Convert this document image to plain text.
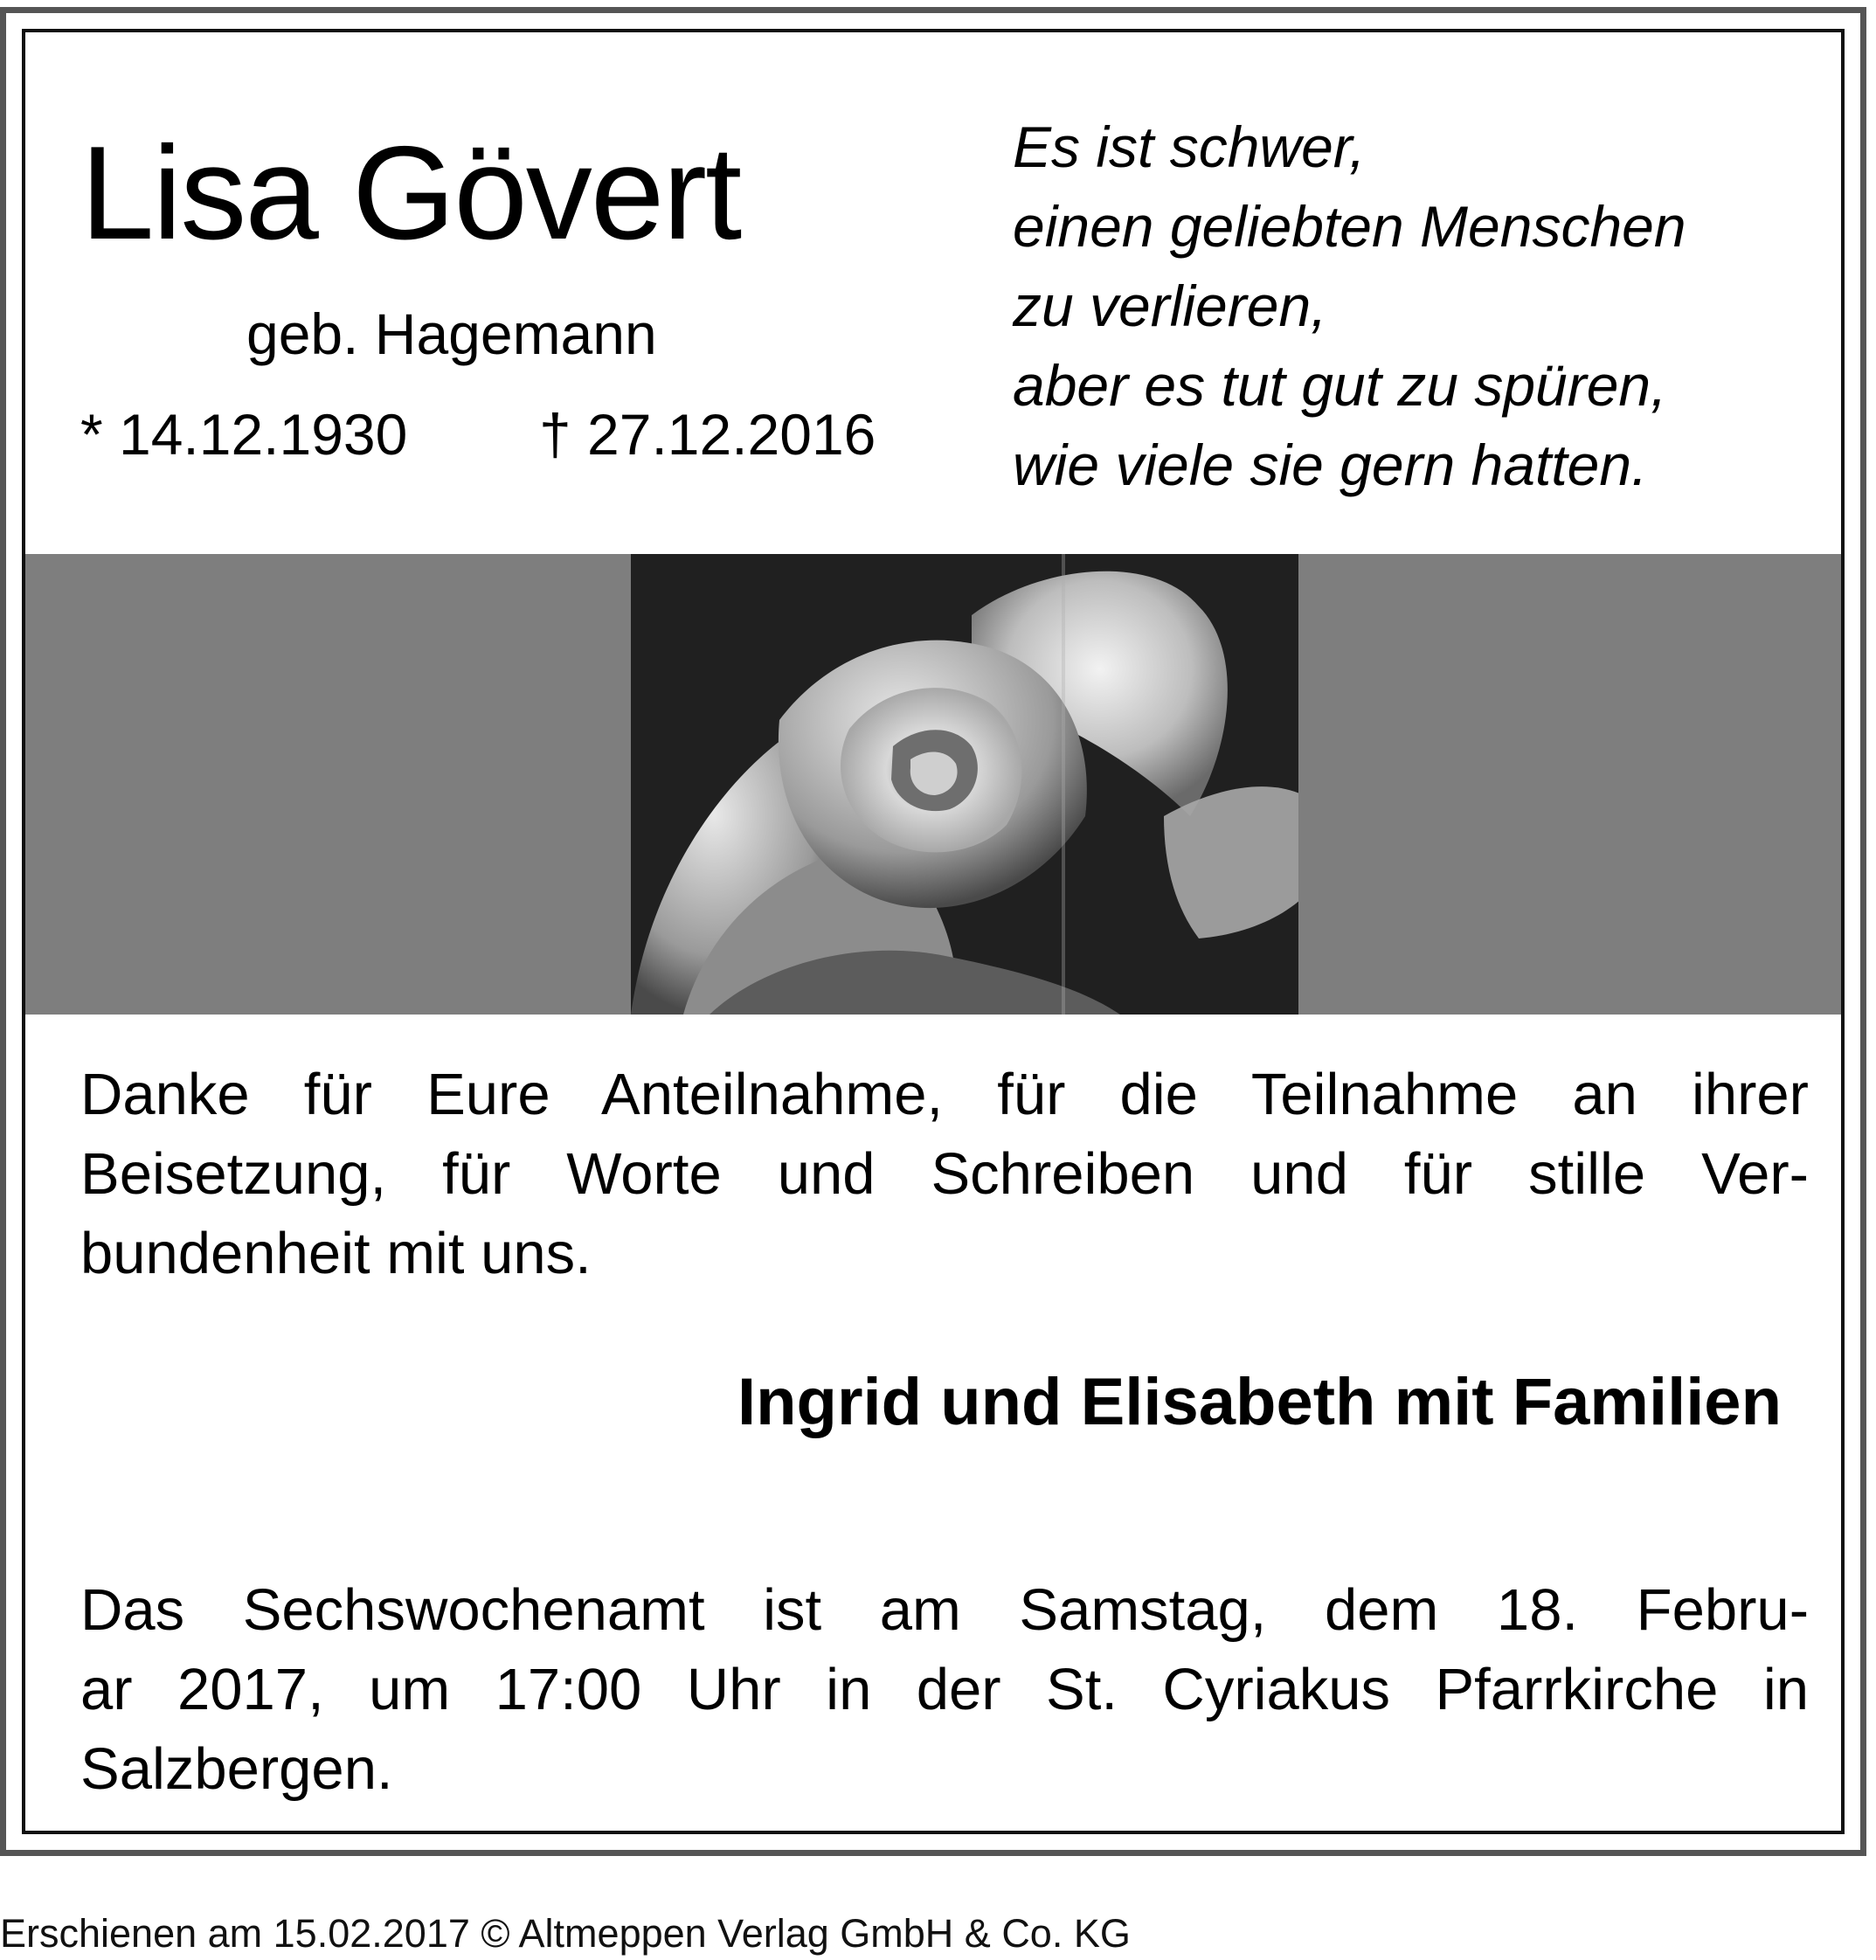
Lisa Gövert
geb. Hagemann
* 14.12.1930 † 27.12.2016
Es ist schwer,
einen geliebten Menschen
zu verlieren,
aber es tut gut zu spüren,
wie viele sie gern hatten.
Danke für Eure Anteilnahme, für die Teilnahme an ihrer
Beisetzung, für Worte und Schreiben und für stille Ver-
bundenheit mit uns.
Ingrid und Elisabeth mit Familien
Das Sechswochenamt ist am Samstag, dem 18. Febru-
ar 2017, um 17:00 Uhr in der St. Cyriakus Pfarrkirche in
Salzbergen.
Erschienen am 15.02.2017 © Altmeppen Verlag GmbH & Co. KG
